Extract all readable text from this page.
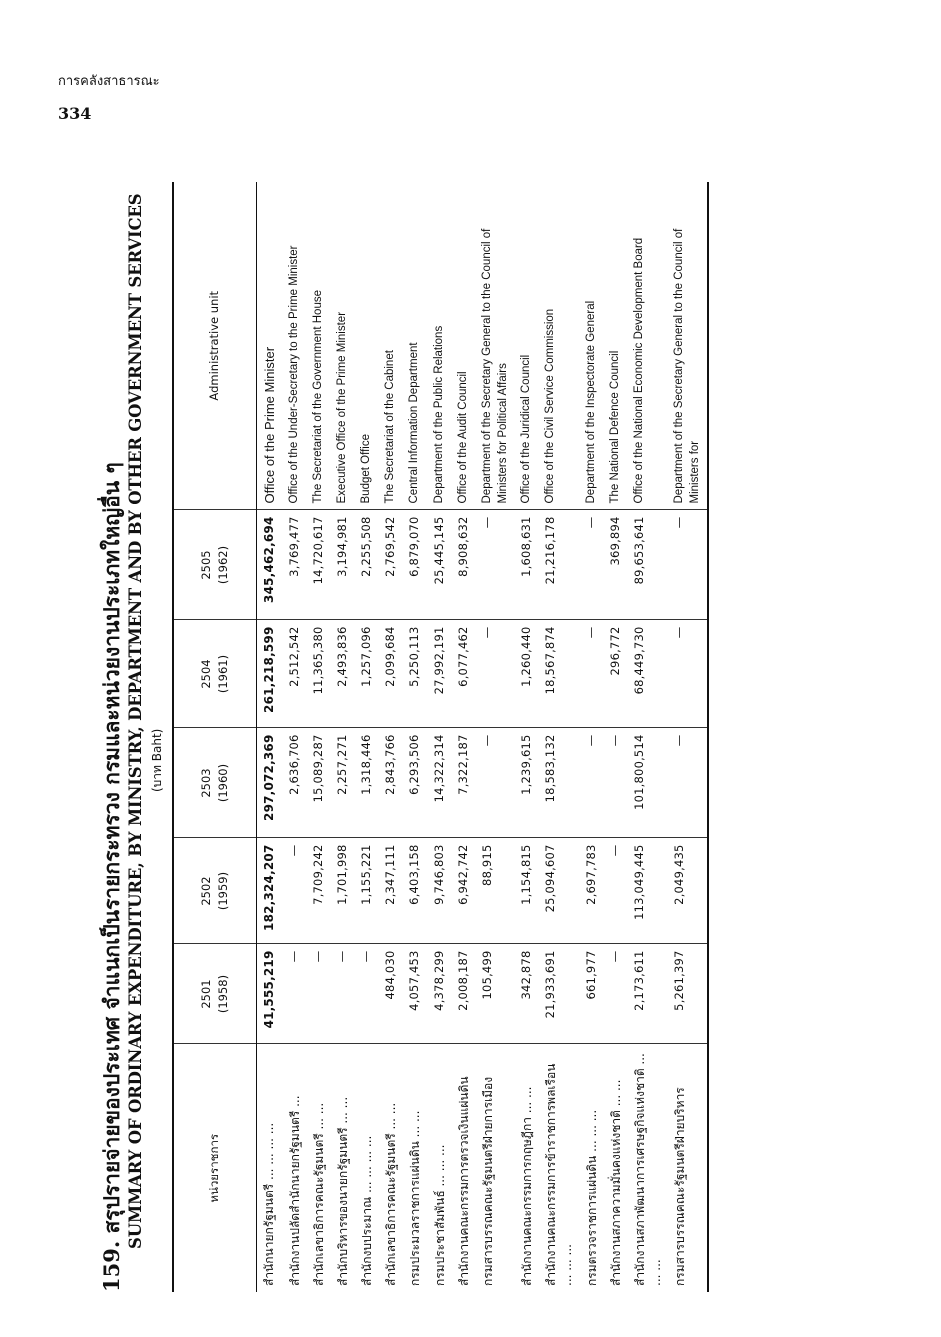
การคลังสาธารณะ
334
159. สรุปรายจ่ายของประเทศ จำแนกเป็นรายกระทรวง กรมและหน่วยงานประเภทใหญ่อื่น ๆ SUMMARY OF ORDINARY EXPENDITURE, BY MINISTRY, DEPARTMENT AND BY OTHER GOVERNMENT SERVICES (บาท Baht)
หน่วยราชการ	2501 (1958)	2502 (1959)	2503 (1960)	2504 (1961)	2505 (1962)	Administrative unit
สำนักนายกรัฐมนตรี ... ... ... ...	41,555,219	182,324,207	297,072,369	261,218,599	345,462,694	Office of the Prime Minister
สำนักงานปลัดสำนักนายกรัฐมนตรี ...	—	—	2,636,706	2,512,542	3,769,477	Office of the Under-Secretary to the Prime Minister
สำนักเลขาธิการคณะรัฐมนตรี ... ...	—	7,709,242	15,089,287	11,365,380	14,720,617	The Secretariat of the Government House
สำนักบริหารของนายกรัฐมนตรี ... ...	—	1,701,998	2,257,271	2,493,836	3,194,981	Executive Office of the Prime Minister
สำนักงบประมาณ ... ... ... ...	—	1,155,221	1,318,446	1,257,096	2,255,508	Budget Office
สำนักเลขาธิการคณะรัฐมนตรี ... ...	484,030	2,347,111	2,843,766	2,099,684	2,769,542	The Secretariat of the Cabinet
กรมประมวลราชการแผ่นดิน ... ...	4,057,453	6,403,158	6,293,506	5,250,113	6,879,070	Central Information Department
กรมประชาสัมพันธ์ ... ... ...	4,378,299	9,746,803	14,322,314	27,992,191	25,445,145	Department of the Public Relations
สำนักงานคณะกรรมการตรวจเงินแผ่นดิน	2,008,187	6,942,742	7,322,187	6,077,462	8,908,632	Office of the Audit Council
กรมสารบรรณคณะรัฐมนตรีฝ่ายการเมือง	105,499	88,915	—	—	—	Department of the Secretary General to the Council of Ministers for Political Affairs
สำนักงานคณะกรรมการกฤษฎีกา ... ...	342,878	1,154,815	1,239,615	1,260,440	1,608,631	Office of the Juridical Council
สำนักงานคณะกรรมการข้าราชการพลเรือน ... ... ...	21,933,691	25,094,607	18,583,132	18,567,874	21,216,178	Office of the Civil Service Commission
กรมตรวจราชการแผ่นดิน ... ... ...	661,977	2,697,783	—	—	—	Department of the Inspectorate General
สำนักงานสภาความมั่นคงแห่งชาติ ... ...	—	—	—	296,772	369,894	The National Defence Council
สำนักงานสภาพัฒนาการเศรษฐกิจแห่งชาติ ... ... ...	2,173,611	113,049,445	101,800,514	68,449,730	89,653,641	Office of the National Economic Development Board
กรมสารบรรณคณะรัฐมนตรีฝ่ายบริหาร	5,261,397	2,049,435	—	—	—	Department of the Secretary General to the Council of Ministers for
